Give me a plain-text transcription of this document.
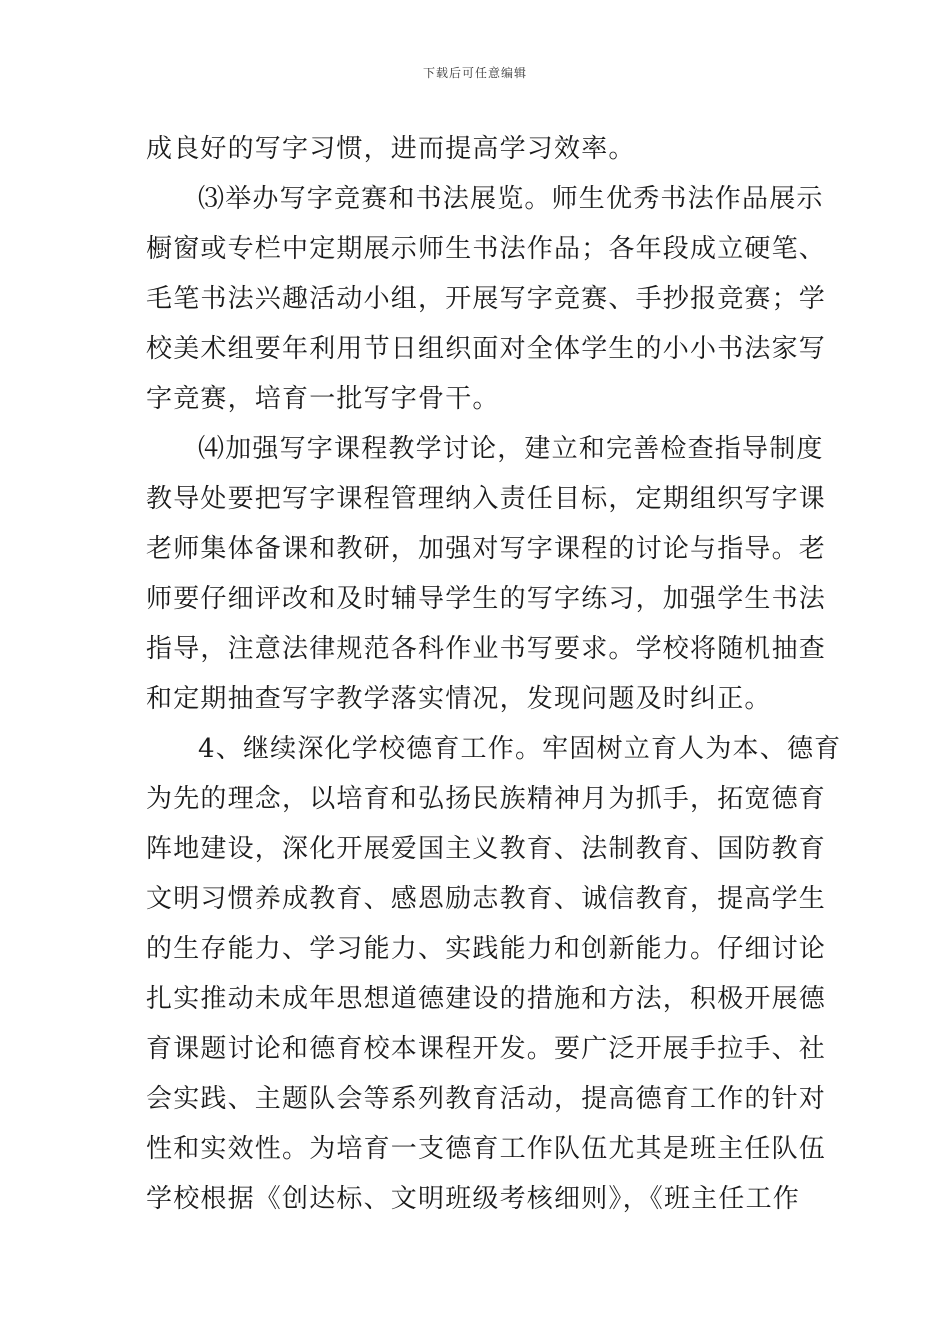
下载后可任意编辑
成良好的写字习惯，进而提高学习效率。
⑶举办写字竞赛和书法展览。师生优秀书法作品展示
橱窗或专栏中定期展示师生书法作品；各年段成立硬笔、
毛笔书法兴趣活动小组，开展写字竞赛、手抄报竞赛；学
校美术组要年利用节日组织面对全体学生的小小书法家写
字竞赛，培育一批写字骨干。
⑷加强写字课程教学讨论，建立和完善检查指导制度
教导处要把写字课程管理纳入责任目标，定期组织写字课
老师集体备课和教研，加强对写字课程的讨论与指导。老
师要仔细评改和及时辅导学生的写字练习，加强学生书法
指导，注意法律规范各科作业书写要求。学校将随机抽查
和定期抽查写字教学落实情况，发现问题及时纠正。
4、继续深化学校德育工作。牢固树立育人为本、德育
为先的理念，以培育和弘扬民族精神月为抓手，拓宽德育
阵地建设，深化开展爱国主义教育、法制教育、国防教育
文明习惯养成教育、感恩励志教育、诚信教育，提高学生
的生存能力、学习能力、实践能力和创新能力。仔细讨论
扎实推动未成年思想道德建设的措施和方法，积极开展德
育课题讨论和德育校本课程开发。要广泛开展手拉手、社
会实践、主题队会等系列教育活动，提高德育工作的针对
性和实效性。为培育一支德育工作队伍尤其是班主任队伍
学校根据《创达标、文明班级考核细则》，《班主任工作
